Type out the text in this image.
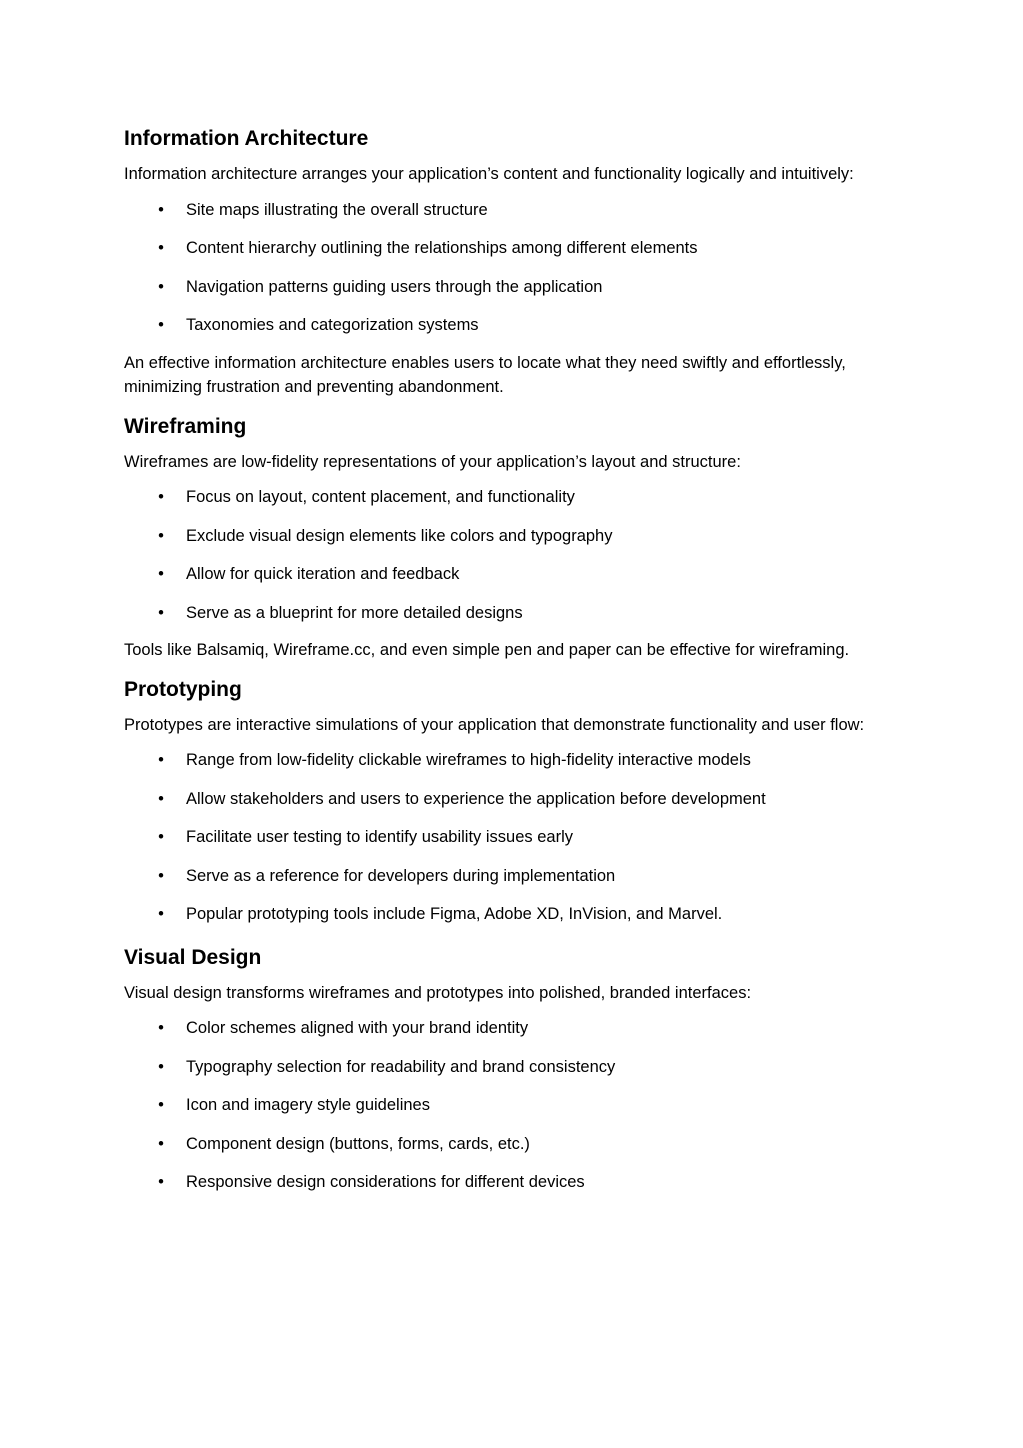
Information Architecture

Information architecture arranges your application’s content and functionality logically and intuitively:

• Site maps illustrating the overall structure
• Content hierarchy outlining the relationships among different elements
• Navigation patterns guiding users through the application
• Taxonomies and categorization systems

An effective information architecture enables users to locate what they need swiftly and effortlessly, minimizing frustration and preventing abandonment.

Wireframing

Wireframes are low-fidelity representations of your application’s layout and structure:

• Focus on layout, content placement, and functionality
• Exclude visual design elements like colors and typography
• Allow for quick iteration and feedback
• Serve as a blueprint for more detailed designs

Tools like Balsamiq, Wireframe.cc, and even simple pen and paper can be effective for wireframing.

Prototyping

Prototypes are interactive simulations of your application that demonstrate functionality and user flow:

• Range from low-fidelity clickable wireframes to high-fidelity interactive models
• Allow stakeholders and users to experience the application before development
• Facilitate user testing to identify usability issues early
• Serve as a reference for developers during implementation
• Popular prototyping tools include Figma, Adobe XD, InVision, and Marvel.
Visual Design

Visual design transforms wireframes and prototypes into polished, branded interfaces:

• Color schemes aligned with your brand identity
• Typography selection for readability and brand consistency
• Icon and imagery style guidelines
• Component design (buttons, forms, cards, etc.)
• Responsive design considerations for different devices
